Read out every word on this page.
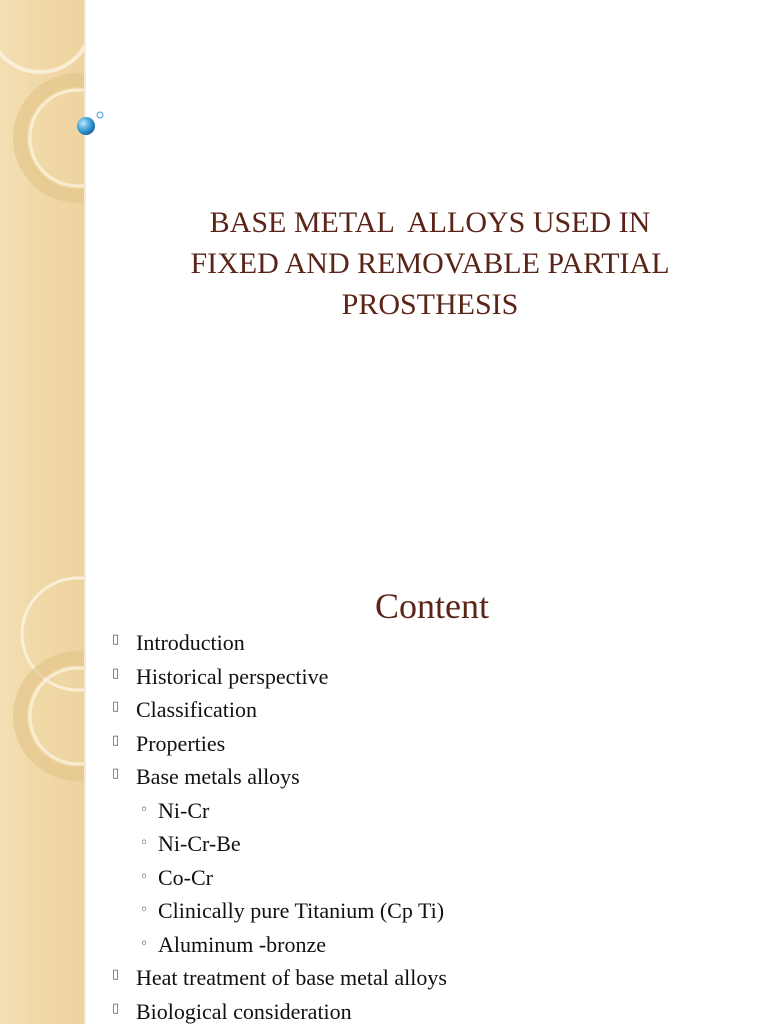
BASE METAL  ALLOYS USED IN
FIXED AND REMOVABLE PARTIAL
PROSTHESIS
Content
▯ Introduction
▯ Historical perspective
▯ Classification
▯ Properties
▯ Base metals alloys
◦ Ni-Cr
◦ Ni-Cr-Be
◦ Co-Cr
◦ Clinically pure Titanium (Cp Ti)
◦ Aluminum -bronze
▯ Heat treatment of base metal alloys
▯ Biological consideration
